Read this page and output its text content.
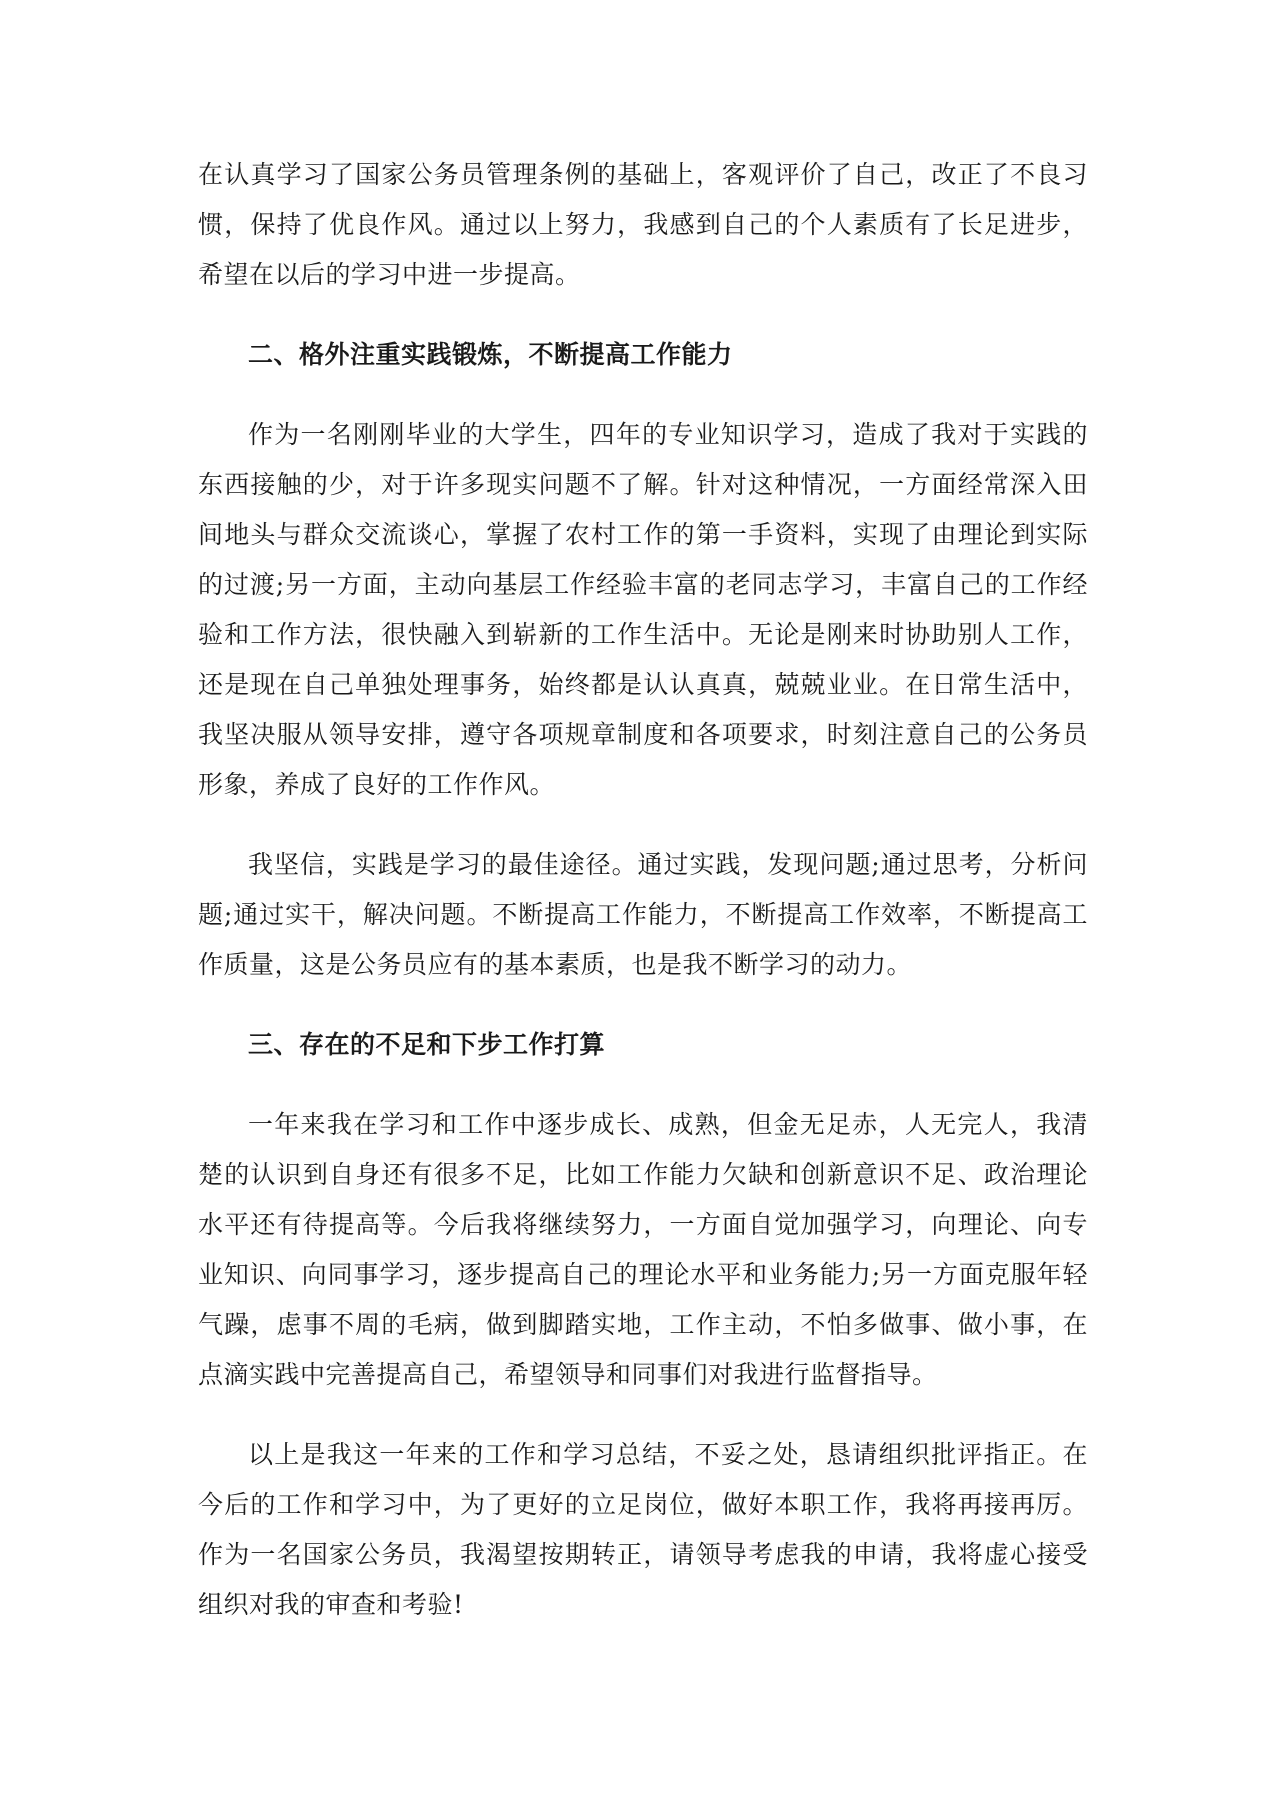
在认真学习了国家公务员管理条例的基础上，客观评价了自己，改正了不良习惯，保持了优良作风。通过以上努力，我感到自己的个人素质有了长足进步，希望在以后的学习中进一步提高。

二、格外注重实践锻炼，不断提高工作能力

作为一名刚刚毕业的大学生，四年的专业知识学习，造成了我对于实践的东西接触的少，对于许多现实问题不了解。针对这种情况，一方面经常深入田间地头与群众交流谈心，掌握了农村工作的第一手资料，实现了由理论到实际的过渡;另一方面，主动向基层工作经验丰富的老同志学习，丰富自己的工作经验和工作方法，很快融入到崭新的工作生活中。无论是刚来时协助别人工作，还是现在自己单独处理事务，始终都是认认真真，兢兢业业。在日常生活中，我坚决服从领导安排，遵守各项规章制度和各项要求，时刻注意自己的公务员形象，养成了良好的工作作风。

我坚信，实践是学习的最佳途径。通过实践，发现问题;通过思考，分析问题;通过实干，解决问题。不断提高工作能力，不断提高工作效率，不断提高工作质量，这是公务员应有的基本素质，也是我不断学习的动力。

三、存在的不足和下步工作打算

一年来我在学习和工作中逐步成长、成熟，但金无足赤，人无完人，我清楚的认识到自身还有很多不足，比如工作能力欠缺和创新意识不足、政治理论水平还有待提高等。今后我将继续努力，一方面自觉加强学习，向理论、向专业知识、向同事学习，逐步提高自己的理论水平和业务能力;另一方面克服年轻气躁，虑事不周的毛病，做到脚踏实地，工作主动，不怕多做事、做小事，在点滴实践中完善提高自己，希望领导和同事们对我进行监督指导。

以上是我这一年来的工作和学习总结，不妥之处，恳请组织批评指正。在今后的工作和学习中，为了更好的立足岗位，做好本职工作，我将再接再厉。作为一名国家公务员，我渴望按期转正，请领导考虑我的申请，我将虚心接受组织对我的审查和考验!
